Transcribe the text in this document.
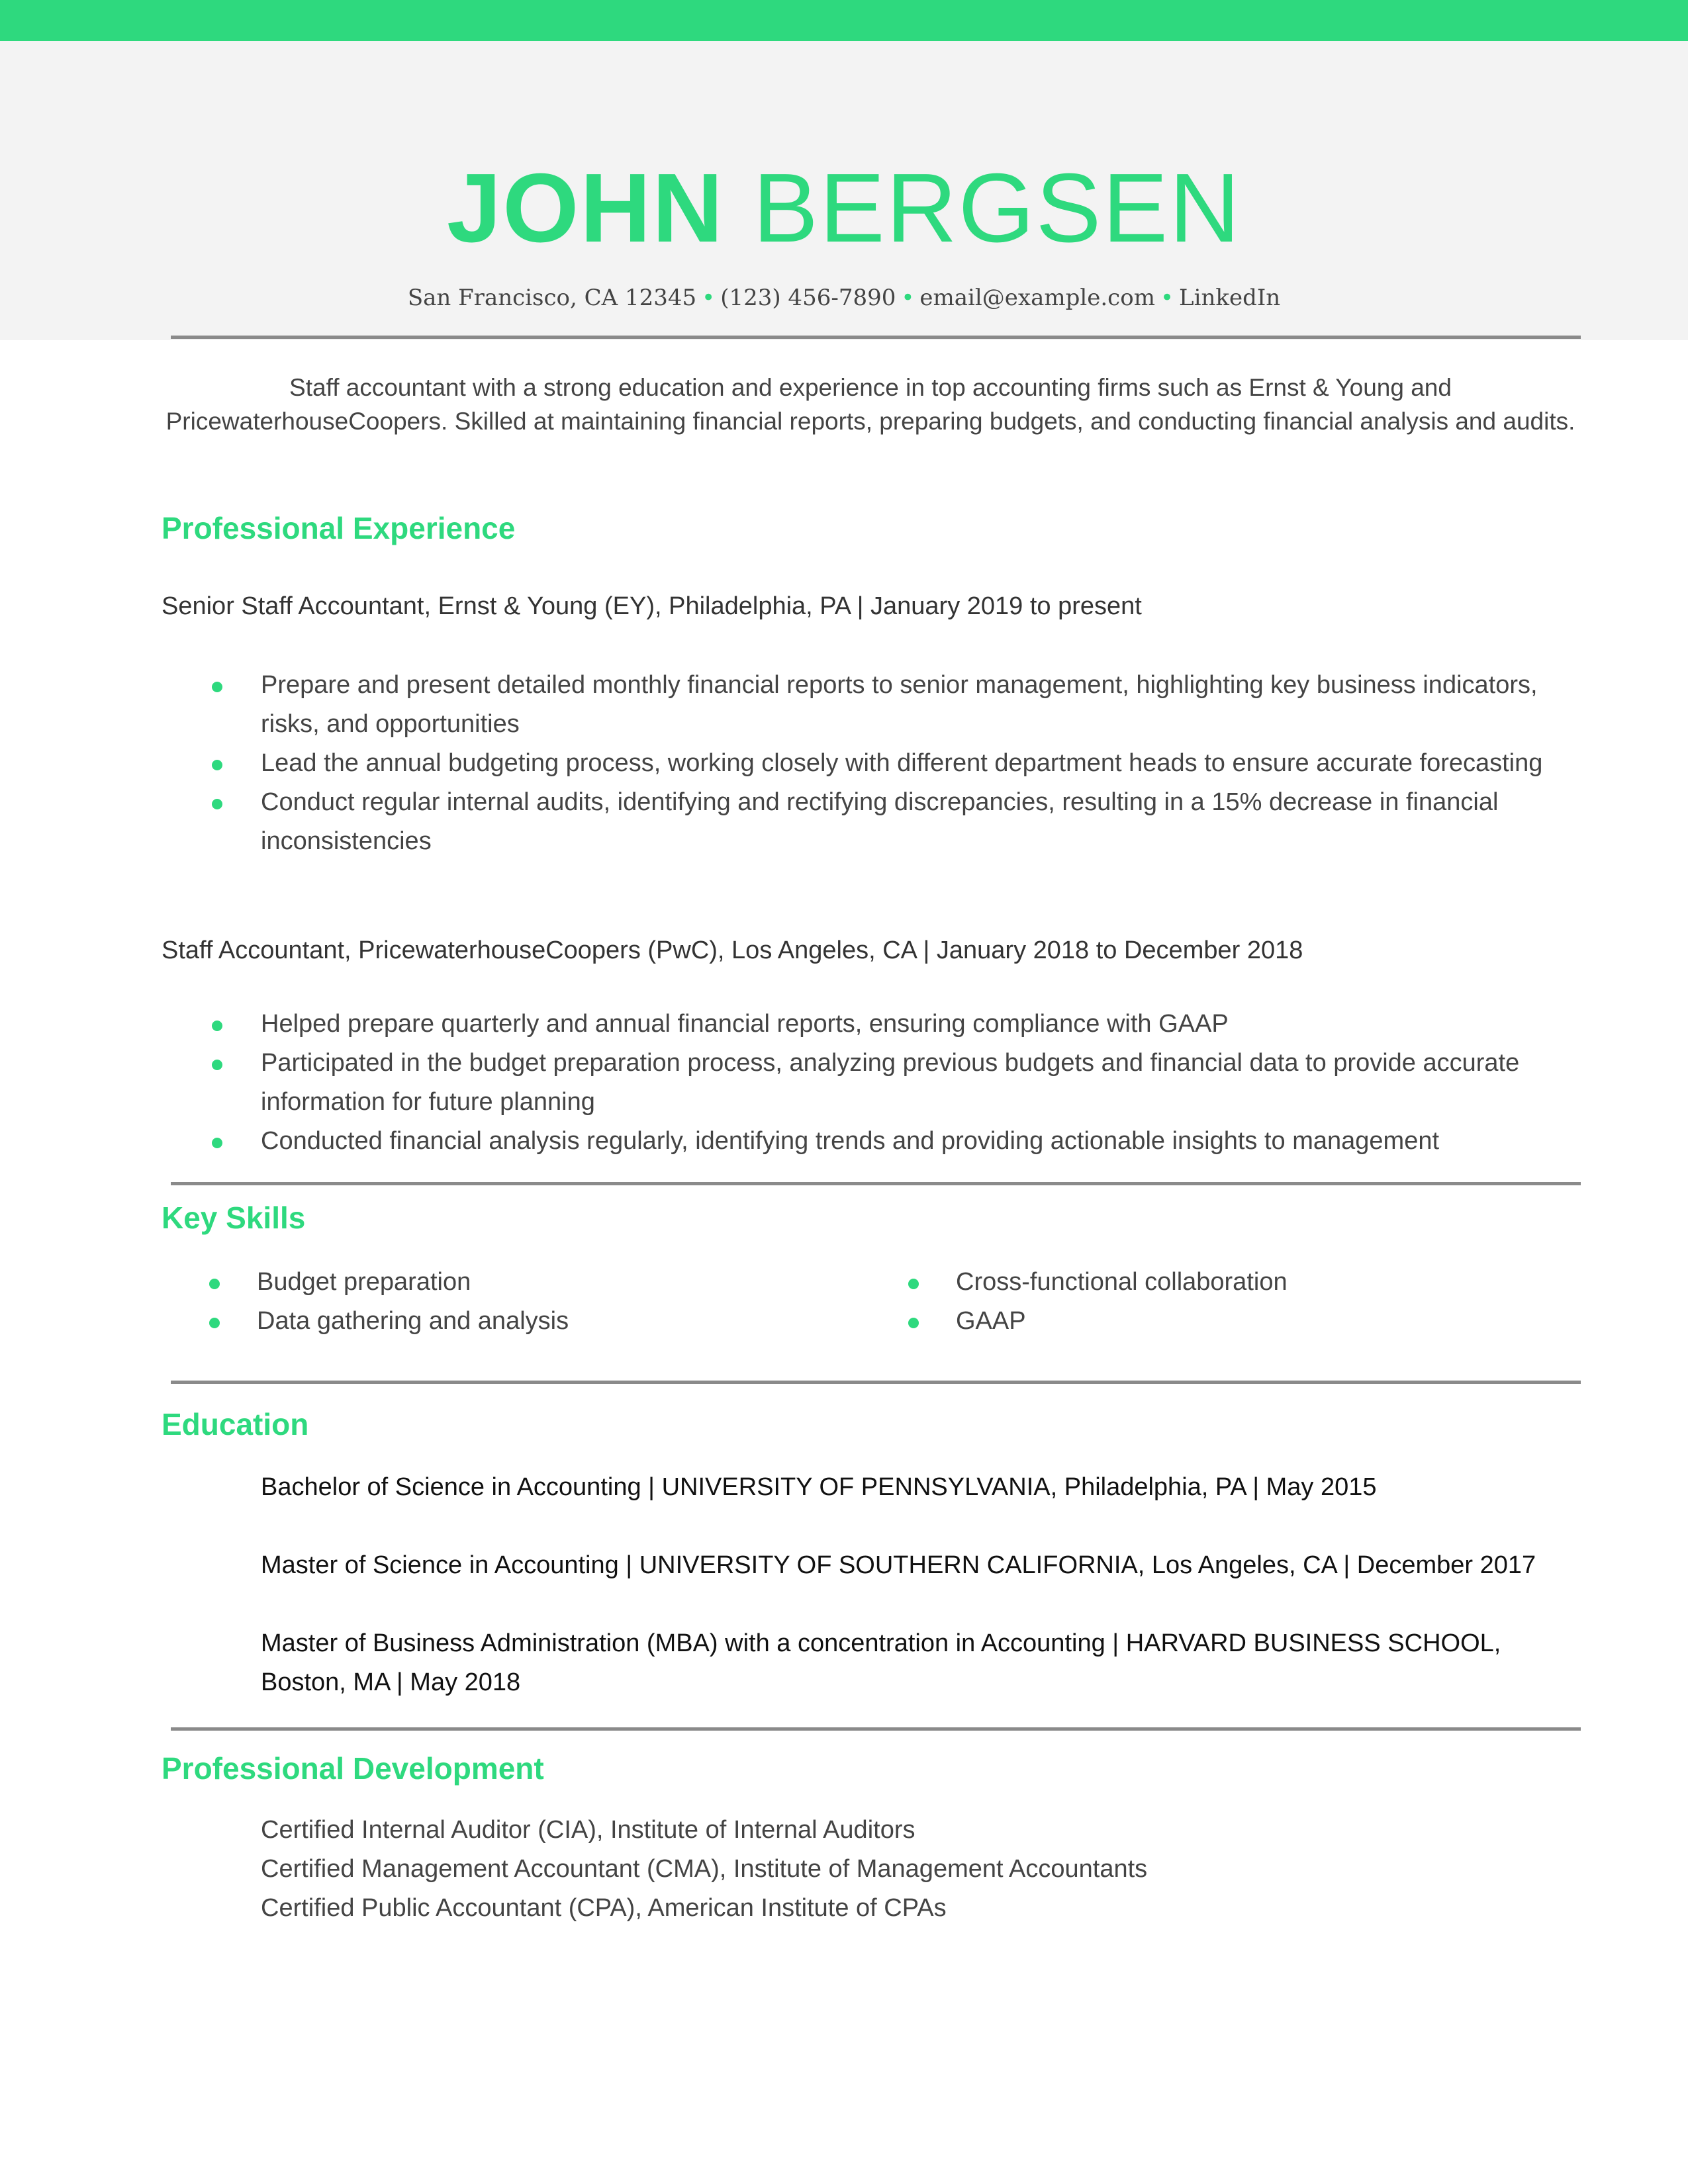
JOHN BERGSEN
San Francisco, CA 12345 • (123) 456-7890 • email@example.com • LinkedIn
Staff accountant with a strong education and experience in top accounting firms such as Ernst & Young and PricewaterhouseCoopers. Skilled at maintaining financial reports, preparing budgets, and conducting financial analysis and audits.
Professional Experience
Senior Staff Accountant, Ernst & Young (EY), Philadelphia, PA | January 2019 to present
Prepare and present detailed monthly financial reports to senior management, highlighting key business indicators, risks, and opportunities
Lead the annual budgeting process, working closely with different department heads to ensure accurate forecasting
Conduct regular internal audits, identifying and rectifying discrepancies, resulting in a 15% decrease in financial inconsistencies
Staff Accountant, PricewaterhouseCoopers (PwC), Los Angeles, CA | January 2018 to December 2018
Helped prepare quarterly and annual financial reports, ensuring compliance with GAAP
Participated in the budget preparation process, analyzing previous budgets and financial data to provide accurate information for future planning
Conducted financial analysis regularly, identifying trends and providing actionable insights to management
Key Skills
Budget preparation
Data gathering and analysis
Cross-functional collaboration
GAAP
Education
Bachelor of Science in Accounting | UNIVERSITY OF PENNSYLVANIA, Philadelphia, PA | May 2015
Master of Science in Accounting | UNIVERSITY OF SOUTHERN CALIFORNIA, Los Angeles, CA | December 2017
Master of Business Administration (MBA) with a concentration in Accounting | HARVARD BUSINESS SCHOOL, Boston, MA | May 2018
Professional Development
Certified Internal Auditor (CIA), Institute of Internal Auditors
Certified Management Accountant (CMA), Institute of Management Accountants
Certified Public Accountant (CPA), American Institute of CPAs
